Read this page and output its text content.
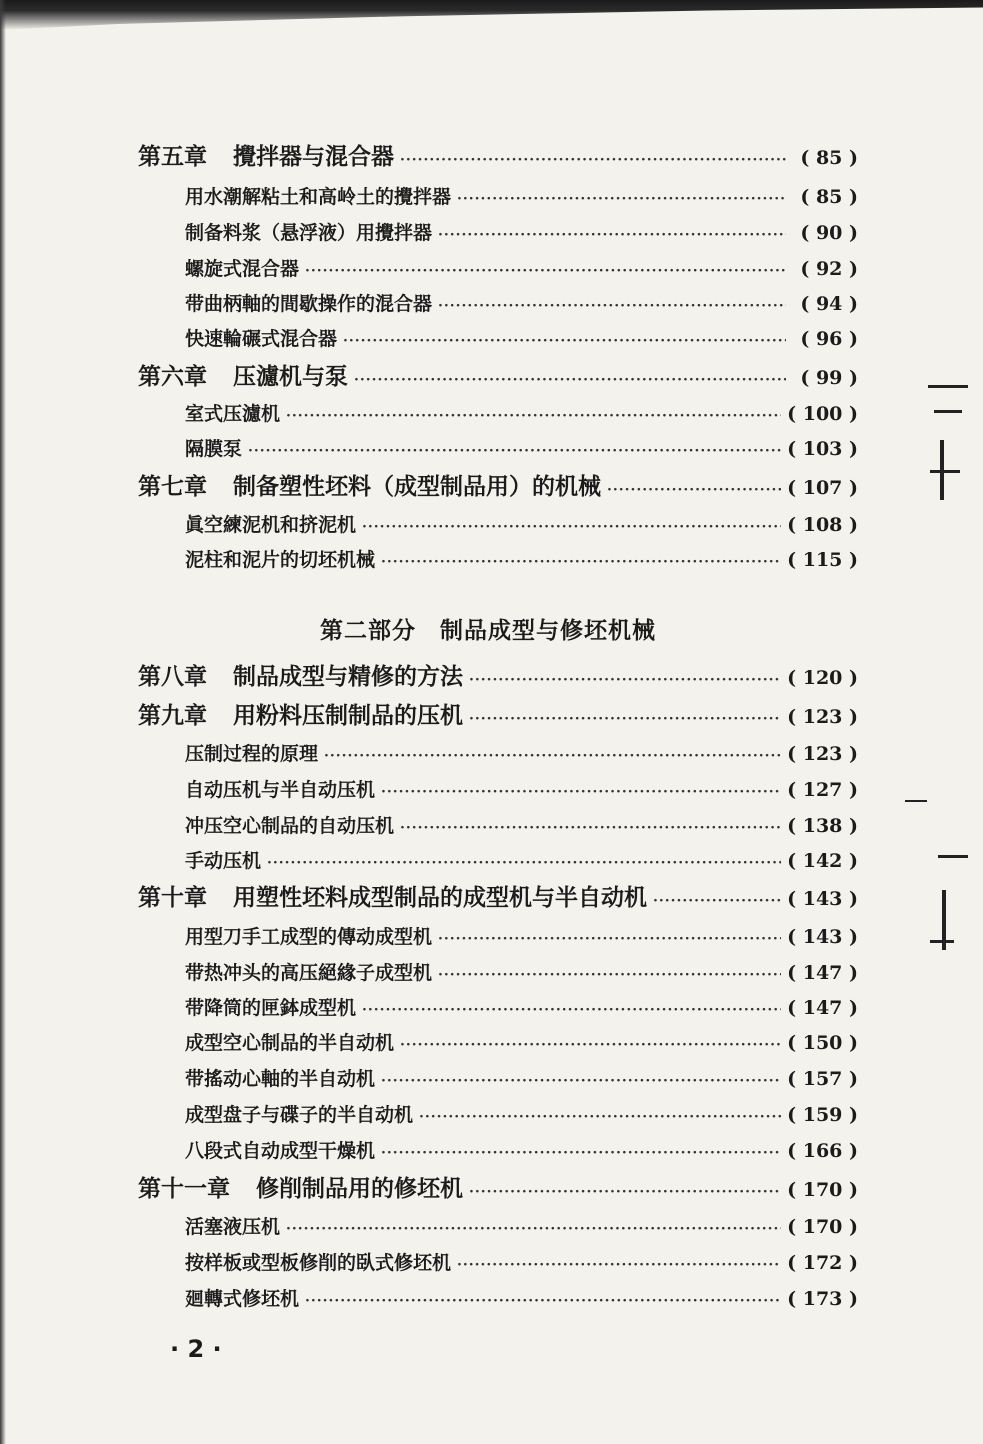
第五章 攪拌器与混合器 ·····	( 85 )
用水潮解粘土和高岭土的攪拌器 ·····	( 85 )
制备料浆（悬浮液）用攪拌器 ·····	( 90 )
螺旋式混合器 ·····	( 92 )
带曲柄軸的間歇操作的混合器 ·····	( 94 )
快速輪碾式混合器 ·····	( 96 )
第六章 压濾机与泵 ·····	( 99 )
室式压濾机 ·····	( 100 )
隔膜泵 ·····	( 103 )
第七章 制备塑性坯料（成型制品用）的机械 ·····	( 107 )
眞空練泥机和挤泥机 ·····	( 108 )
泥柱和泥片的切坯机械 ·····	( 115 )
第二部分 制品成型与修坯机械
第八章 制品成型与精修的方法 ·····	( 120 )
第九章 用粉料压制制品的压机 ·····	( 123 )
压制过程的原理 ·····	( 123 )
自动压机与半自动压机 ·····	( 127 )
冲压空心制品的自动压机 ·····	( 138 )
手动压机 ·····	( 142 )
第十章 用塑性坯料成型制品的成型机与半自动机 ·····	( 143 )
用型刀手工成型的傳动成型机 ·····	( 143 )
带热冲头的高压絕緣子成型机 ·····	( 147 )
带降筒的匣鉢成型机 ·····	( 147 )
成型空心制品的半自动机 ·····	( 150 )
带搖动心軸的半自动机 ·····	( 157 )
成型盘子与碟子的半自动机 ·····	( 159 )
八段式自动成型干燥机 ·····	( 166 )
第十一章 修削制品用的修坯机 ·····	( 170 )
活塞液压机 ·····	( 170 )
按样板或型板修削的臥式修坯机 ·····	( 172 )
廻轉式修坯机 ·····	( 173 )
· 2 ·
